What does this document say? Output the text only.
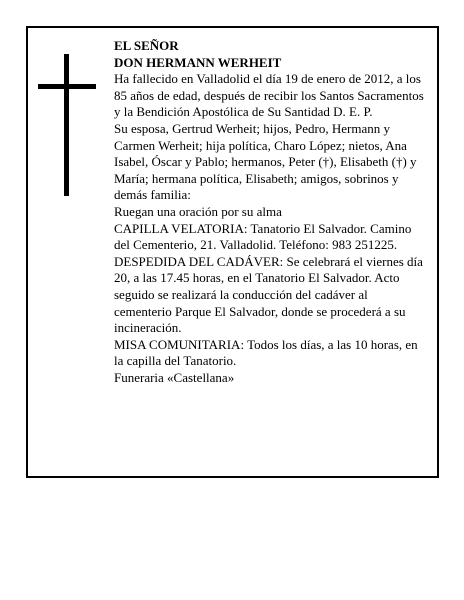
EL SEÑOR

DON HERMANN WERHEIT

Ha fallecido en Valladolid el día 19 de enero de 2012, a los 85 años de edad, después de recibir los Santos Sacramentos y la Bendición Apostólica de Su Santidad D. E. P.

Su esposa, Gertrud Werheit; hijos, Pedro, Hermann y Carmen Werheit; hija política, Charo López; nietos, Ana Isabel, Óscar y Pablo; hermanos, Peter (†), Elisabeth (†) y María; hermana política, Elisabeth; amigos, sobrinos y demás familia:

Ruegan una oración por su alma

CAPILLA VELATORIA: Tanatorio El Salvador. Camino del Cementerio, 21. Valladolid. Teléfono: 983 251225.

DESPEDIDA DEL CADÁVER: Se celebrará el viernes día 20, a las 17.45 horas, en el Tanatorio El Salvador. Acto seguido se realizará la conducción del cadáver al cementerio Parque El Salvador, donde se procederá a su incineración.

MISA COMUNITARIA: Todos los días, a las 10 horas, en la capilla del Tanatorio.

Funeraria «Castellana»
